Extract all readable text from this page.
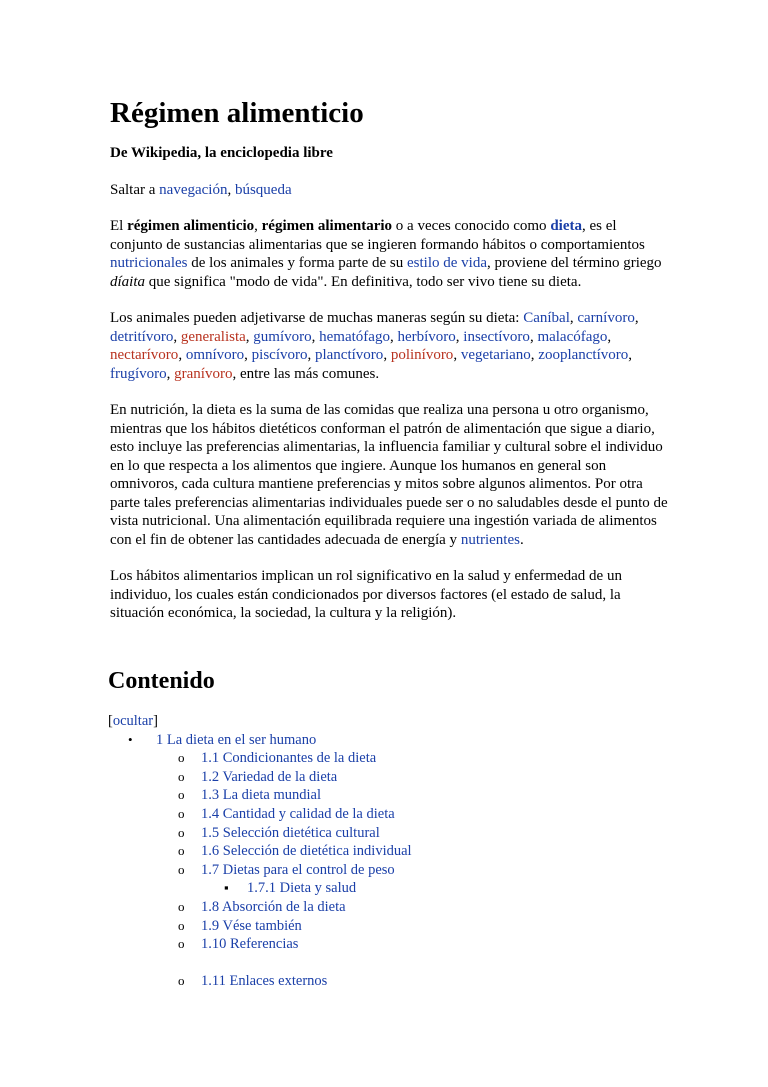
Régimen alimenticio
De Wikipedia, la enciclopedia libre

Saltar a navegación, búsqueda

El régimen alimenticio, régimen alimentario o a veces conocido como dieta, es el conjunto de sustancias alimentarias que se ingieren formando hábitos o comportamientos nutricionales de los animales y forma parte de su estilo de vida, proviene del término griego díaita que significa "modo de vida". En definitiva, todo ser vivo tiene su dieta.

Los animales pueden adjetivarse de muchas maneras según su dieta: Caníbal, carnívoro, detritívoro, generalista, gumívoro, hematófago, herbívoro, insectívoro, malacófago, nectarívoro, omnívoro, piscívoro, planctívoro, polinívoro, vegetariano, zooplanctívoro, frugívoro, granívoro, entre las más comunes.

En nutrición, la dieta es la suma de las comidas que realiza una persona u otro organismo, mientras que los hábitos dietéticos conforman el patrón de alimentación que sigue a diario, esto incluye las preferencias alimentarias, la influencia familiar y cultural sobre el individuo en lo que respecta a los alimentos que ingiere. Aunque los humanos en general son omnivoros, cada cultura mantiene preferencias y mitos sobre algunos alimentos. Por otra parte tales preferencias alimentarias individuales puede ser o no saludables desde el punto de vista nutricional. Una alimentación equilibrada requiere una ingestión variada de alimentos con el fin de obtener las cantidades adecuada de energía y nutrientes.

Los hábitos alimentarios implican un rol significativo en la salud y enfermedad de un individuo, los cuales están condicionados por diversos factores (el estado de salud, la situación económica, la sociedad, la cultura y la religión).

Contenido
[ocultar]
• 1 La dieta en el ser humano
o 1.1 Condicionantes de la dieta
o 1.2 Variedad de la dieta
o 1.3 La dieta mundial
o 1.4 Cantidad y calidad de la dieta
o 1.5 Selección dietética cultural
o 1.6 Selección de dietética individual
o 1.7 Dietas para el control de peso
▪ 1.7.1 Dieta y salud
o 1.8 Absorción de la dieta
o 1.9 Vése también
o 1.10 Referencias
o 1.11 Enlaces externos
